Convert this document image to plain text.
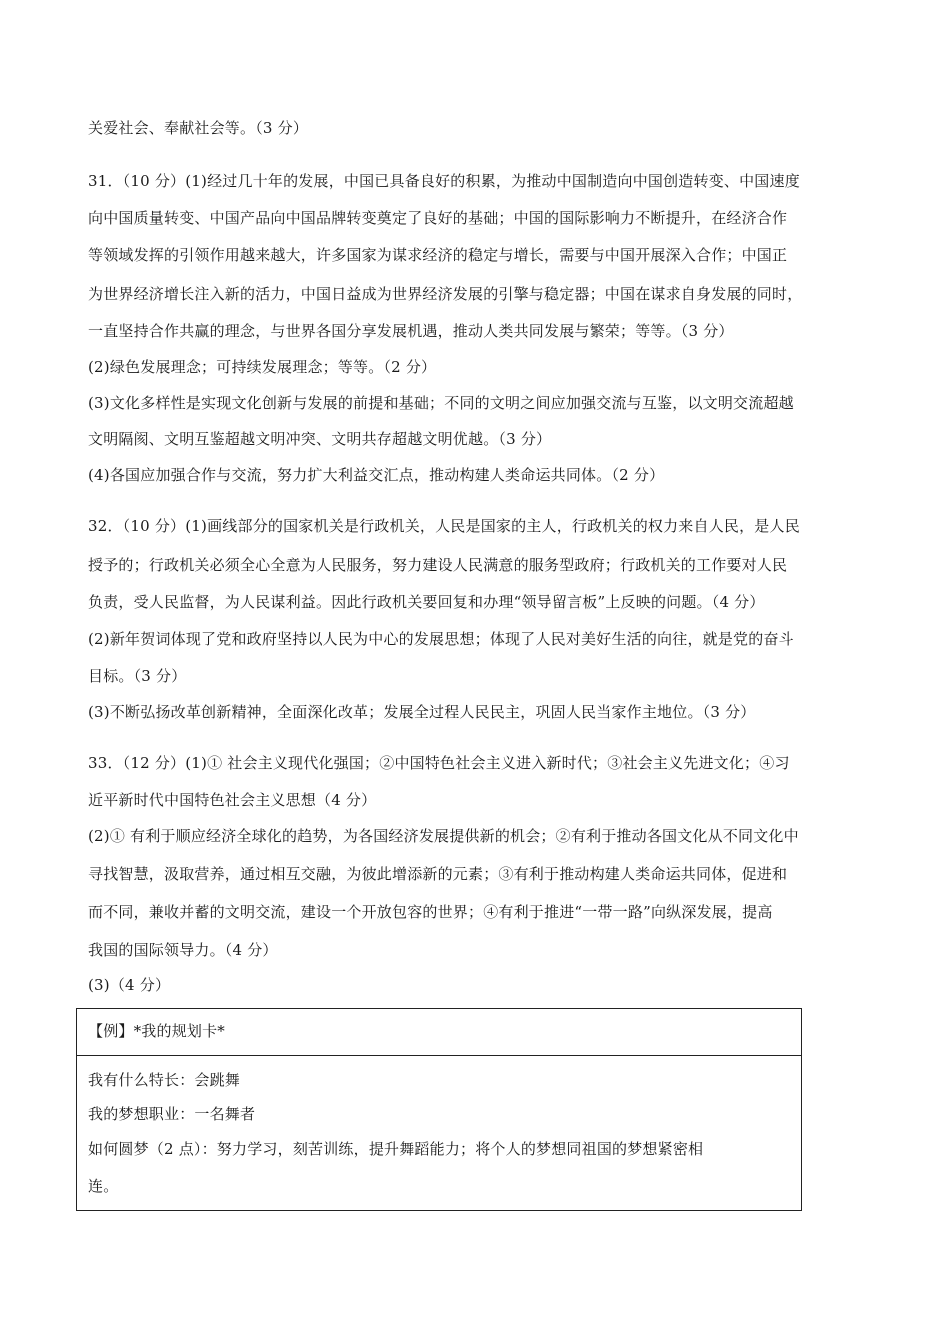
关爱社会、奉献社会等。（3 分）
31．（10 分）(1)经过几十年的发展，中国已具备良好的积累，为推动中国制造向中国创造转变、中国速度
向中国质量转变、中国产品向中国品牌转变奠定了良好的基础；中国的国际影响力不断提升，在经济合作
等领域发挥的引领作用越来越大，许多国家为谋求经济的稳定与增长，需要与中国开展深入合作；中国正
为世界经济增长注入新的活力，中国日益成为世界经济发展的引擎与稳定器；中国在谋求自身发展的同时，
一直坚持合作共赢的理念，与世界各国分享发展机遇，推动人类共同发展与繁荣；等等。（3 分）
(2)绿色发展理念；可持续发展理念；等等。（2 分）
(3)文化多样性是实现文化创新与发展的前提和基础；不同的文明之间应加强交流与互鉴，以文明交流超越
文明隔阂、文明互鉴超越文明冲突、文明共存超越文明优越。（3 分）
(4)各国应加强合作与交流，努力扩大利益交汇点，推动构建人类命运共同体。（2 分）
32．（10 分）(1)画线部分的国家机关是行政机关，人民是国家的主人，行政机关的权力来自人民，是人民
授予的；行政机关必须全心全意为人民服务，努力建设人民满意的服务型政府；行政机关的工作要对人民
负责，受人民监督，为人民谋利益。因此行政机关要回复和办理“领导留言板”上反映的问题。（4 分）
(2)新年贺词体现了党和政府坚持以人民为中心的发展思想；体现了人民对美好生活的向往，就是党的奋斗
目标。（3 分）
(3)不断弘扬改革创新精神，全面深化改革；发展全过程人民民主，巩固人民当家作主地位。（3 分）
33．（12 分）(1)① 社会主义现代化强国；②中国特色社会主义进入新时代；③社会主义先进文化；④习
近平新时代中国特色社会主义思想（4 分）
(2)① 有利于顺应经济全球化的趋势，为各国经济发展提供新的机会；②有利于推动各国文化从不同文化中
寻找智慧，汲取营养，通过相互交融，为彼此增添新的元素；③有利于推动构建人类命运共同体，促进和
而不同，兼收并蓄的文明交流，建设一个开放包容的世界；④有利于推进“一带一路”向纵深发展，提高
我国的国际领导力。（4 分）
(3)（4 分）
【例】*我的规划卡*
我有什么特长：会跳舞
我的梦想职业：一名舞者
如何圆梦（2 点）：努力学习，刻苦训练，提升舞蹈能力；将个人的梦想同祖国的梦想紧密相
连。
